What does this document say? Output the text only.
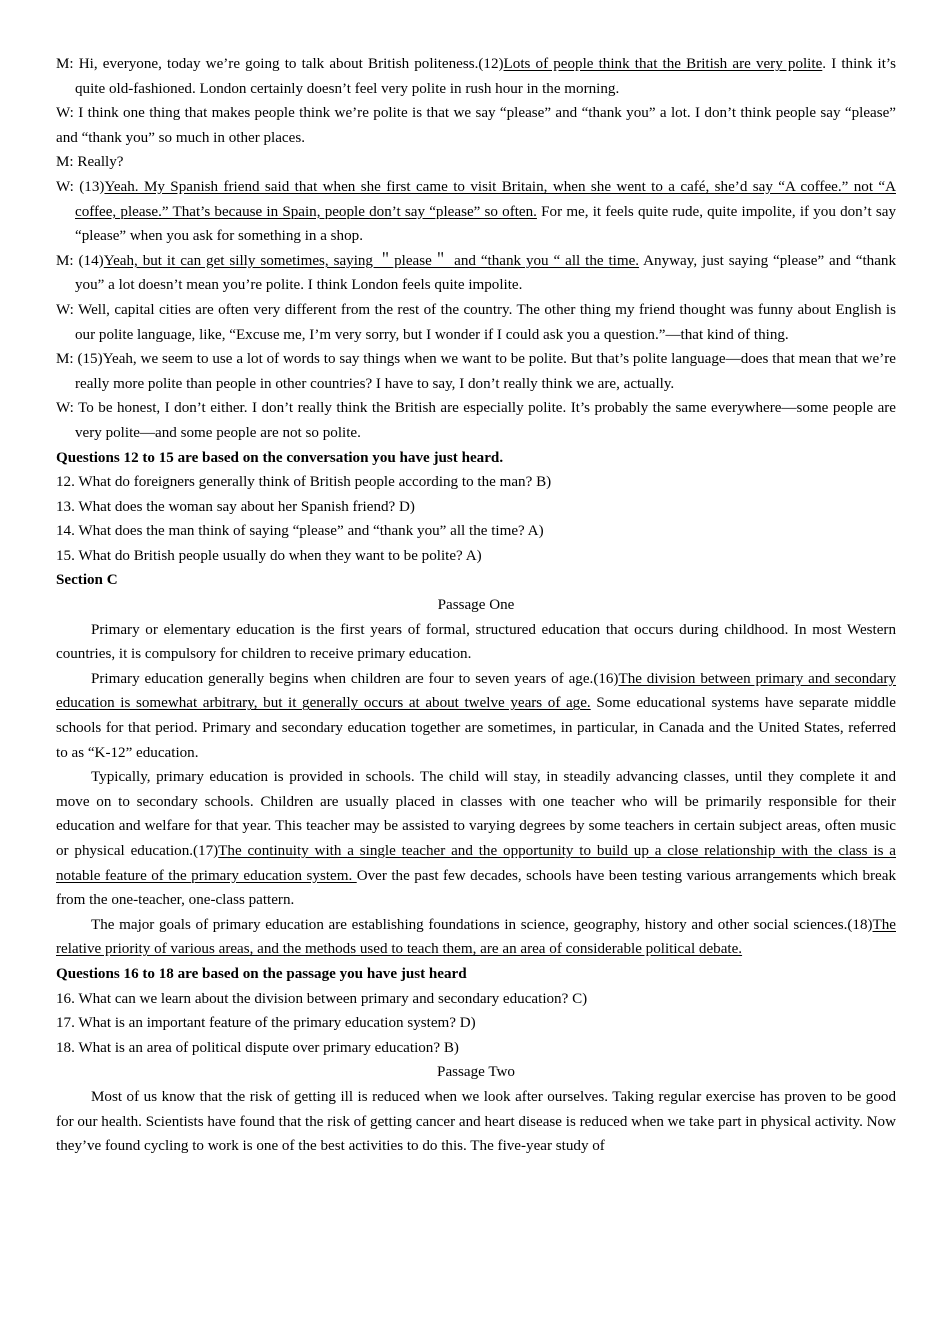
M: Hi, everyone, today we’re going to talk about British politeness.(12)Lots of people think that the British are very polite. I think it’s quite old-fashioned. London certainly doesn’t feel very polite in rush hour in the morning.
W: I think one thing that makes people think we’re polite is that we say “please” and “thank you” a lot. I don’t think people say “please” and “thank you” so much in other places.
M: Really?
W: (13)Yeah. My Spanish friend said that when she first came to visit Britain, when she went to a café, she’d say “A coffee.” not “A coffee, please.” That’s because in Spain, people don’t say “please” so often. For me, it feels quite rude, quite impolite, if you don’t say “please” when you ask for something in a shop.
M: (14)Yeah, but it can get silly sometimes, saying ＂please＂ and “thank you “ all the time. Anyway, just saying “please” and “thank you” a lot doesn’t mean you’re polite. I think London feels quite impolite.
W: Well, capital cities are often very different from the rest of the country. The other thing my friend thought was funny about English is our polite language, like, “Excuse me, I’m very sorry, but I wonder if I could ask you a question.”—that kind of thing.
M: (15)Yeah, we seem to use a lot of words to say things when we want to be polite. But that’s polite language—does that mean that we’re really more polite than people in other countries? I have to say, I don’t really think we are, actually.
W: To be honest, I don’t either. I don’t really think the British are especially polite. It’s probably the same everywhere—some people are very polite—and some people are not so polite.
Questions 12 to 15 are based on the conversation you have just heard.
12. What do foreigners generally think of British people according to the man? B)
13. What does the woman say about her Spanish friend? D)
14. What does the man think of saying “please” and “thank you” all the time? A)
15. What do British people usually do when they want to be polite? A)
Section C
Passage One
Primary or elementary education is the first years of formal, structured education that occurs during childhood. In most Western countries, it is compulsory for children to receive primary education.
Primary education generally begins when children are four to seven years of age.(16)The division between primary and secondary education is somewhat arbitrary, but it generally occurs at about twelve years of age. Some educational systems have separate middle schools for that period. Primary and secondary education together are sometimes, in particular, in Canada and the United States, referred to as “K-12” education.
Typically, primary education is provided in schools. The child will stay, in steadily advancing classes, until they complete it and move on to secondary schools. Children are usually placed in classes with one teacher who will be primarily responsible for their education and welfare for that year. This teacher may be assisted to varying degrees by some teachers in certain subject areas, often music or physical education.(17)The continuity with a single teacher and the opportunity to build up a close relationship with the class is a notable feature of the primary education system. Over the past few decades, schools have been testing various arrangements which break from the one-teacher, one-class pattern.
The major goals of primary education are establishing foundations in science, geography, history and other social sciences.(18)The relative priority of various areas, and the methods used to teach them, are an area of considerable political debate.
Questions 16 to 18 are based on the passage you have just heard
16. What can we learn about the division between primary and secondary education? C)
17. What is an important feature of the primary education system? D)
18. What is an area of political dispute over primary education? B)
Passage Two
Most of us know that the risk of getting ill is reduced when we look after ourselves. Taking regular exercise has proven to be good for our health. Scientists have found that the risk of getting cancer and heart disease is reduced when we take part in physical activity. Now they’ve found cycling to work is one of the best activities to do this. The five-year study of
